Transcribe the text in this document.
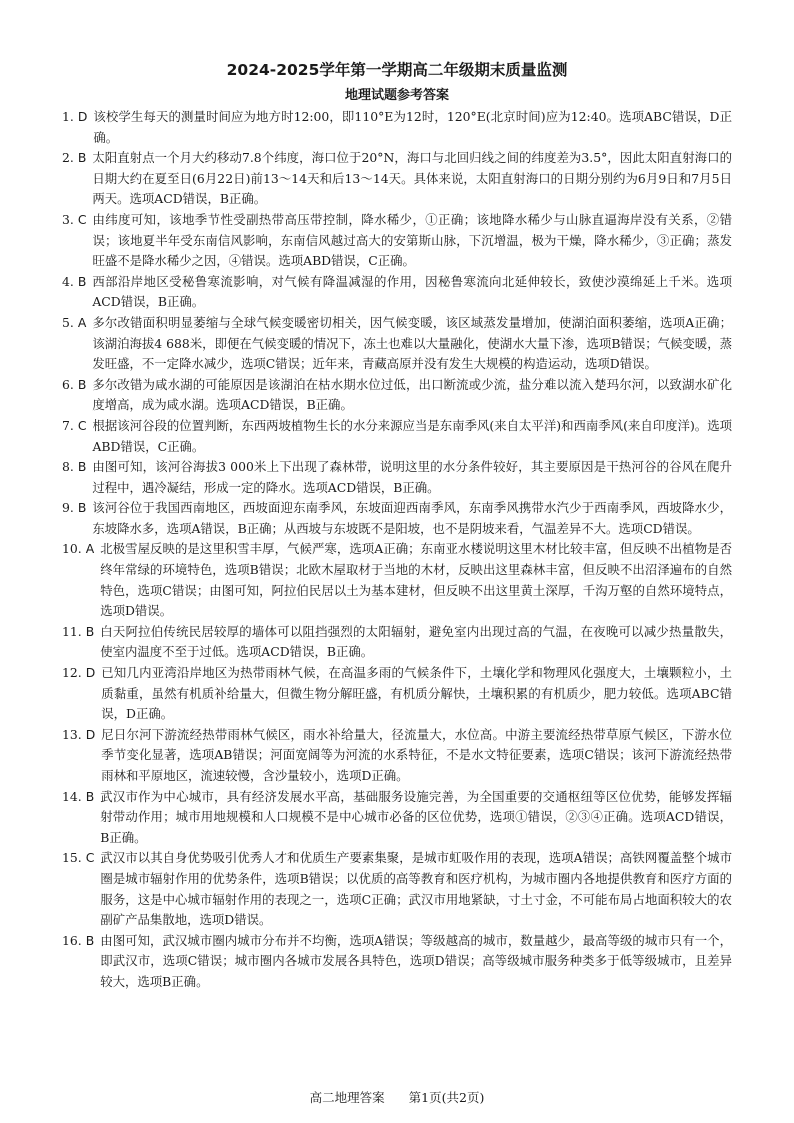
2024-2025学年第一学期高二年级期末质量监测
地理试题参考答案
1. D 该校学生每天的测量时间应为地方时12:00，即110°E为12时，120°E(北京时间)应为12:40。选项ABC错误，D正确。
2. B 太阳直射点一个月大约移动7.8个纬度，海口位于20°N，海口与北回归线之间的纬度差为3.5°，因此太阳直射海口的日期大约在夏至日(6月22日)前13～14天和后13～14天。具体来说，太阳直射海口的日期分别约为6月9日和7月5日两天。选项ACD错误，B正确。
3. C 由纬度可知，该地季节性受副热带高压带控制，降水稀少，①正确；该地降水稀少与山脉直逼海岸没有关系，②错误；该地夏半年受东南信风影响，东南信风越过高大的安第斯山脉，下沉增温，极为干燥，降水稀少，③正确；蒸发旺盛不是降水稀少之因，④错误。选项ABD错误，C正确。
4. B 西部沿岸地区受秘鲁寒流影响，对气候有降温减湿的作用，因秘鲁寒流向北延伸较长，致使沙漠绵延上千米。选项ACD错误，B正确。
5. A 多尔改错面积明显萎缩与全球气候变暖密切相关，因气候变暖，该区域蒸发量增加，使湖泊面积萎缩，选项A正确；该湖泊海拔4 688米，即便在气候变暖的情况下，冻土也难以大量融化，使湖水大量下渗，选项B错误；气候变暖，蒸发旺盛，不一定降水减少，选项C错误；近年来，青藏高原并没有发生大规模的构造运动，选项D错误。
6. B 多尔改错为咸水湖的可能原因是该湖泊在枯水期水位过低，出口断流或少流，盐分难以流入楚玛尔河，以致湖水矿化度增高，成为咸水湖。选项ACD错误，B正确。
7. C 根据该河谷段的位置判断，东西两坡植物生长的水分来源应当是东南季风(来自太平洋)和西南季风(来自印度洋)。选项ABD错误，C正确。
8. B 由图可知，该河谷海拔3 000米上下出现了森林带，说明这里的水分条件较好，其主要原因是干热河谷的谷风在爬升过程中，遇冷凝结，形成一定的降水。选项ACD错误，B正确。
9. B 该河谷位于我国西南地区，西坡面迎东南季风，东坡面迎西南季风，东南季风携带水汽少于西南季风，西坡降水少，东坡降水多，选项A错误，B正确；从西坡与东坡既不是阳坡，也不是阴坡来看，气温差异不大。选项CD错误。
10. A 北极雪屋反映的是这里积雪丰厚，气候严寒，选项A正确；东南亚水楼说明这里木材比较丰富，但反映不出植物是否终年常绿的环境特色，选项B错误；北欧木屋取材于当地的木材，反映出这里森林丰富，但反映不出沼泽遍布的自然特色，选项C错误；由图可知，阿拉伯民居以土为基本建材，但反映不出这里黄土深厚，千沟万壑的自然环境特点，选项D错误。
11. B 白天阿拉伯传统民居较厚的墙体可以阻挡强烈的太阳辐射，避免室内出现过高的气温，在夜晚可以减少热量散失，使室内温度不至于过低。选项ACD错误，B正确。
12. D 已知几内亚湾沿岸地区为热带雨林气候，在高温多雨的气候条件下，土壤化学和物理风化强度大，土壤颗粒小，土质黏重，虽然有机质补给量大，但微生物分解旺盛，有机质分解快，土壤积累的有机质少，肥力较低。选项ABC错误，D正确。
13. D 尼日尔河下游流经热带雨林气候区，雨水补给量大，径流量大，水位高。中游主要流经热带草原气候区，下游水位季节变化显著，选项AB错误；河面宽阔等为河流的水系特征，不是水文特征要素，选项C错误；该河下游流经热带雨林和平原地区，流速较慢，含沙量较小，选项D正确。
14. B 武汉市作为中心城市，具有经济发展水平高，基础服务设施完善，为全国重要的交通枢纽等区位优势，能够发挥辐射带动作用；城市用地规模和人口规模不是中心城市必备的区位优势，选项①错误，②③④正确。选项ACD错误，B正确。
15. C 武汉市以其自身优势吸引优秀人才和优质生产要素集聚，是城市虹吸作用的表现，选项A错误；高铁网覆盖整个城市圈是城市辐射作用的优势条件，选项B错误；以优质的高等教育和医疗机构，为城市圈内各地提供教育和医疗方面的服务，这是中心城市辐射作用的表现之一，选项C正确；武汉市用地紧缺，寸土寸金，不可能布局占地面积较大的农副矿产品集散地，选项D错误。
16. B 由图可知，武汉城市圈内城市分布并不均衡，选项A错误；等级越高的城市，数量越少，最高等级的城市只有一个，即武汉市，选项C错误；城市圈内各城市发展各具特色，选项D错误；高等级城市服务种类多于低等级城市，且差异较大，选项B正确。
高二地理答案 第1页(共2页)
